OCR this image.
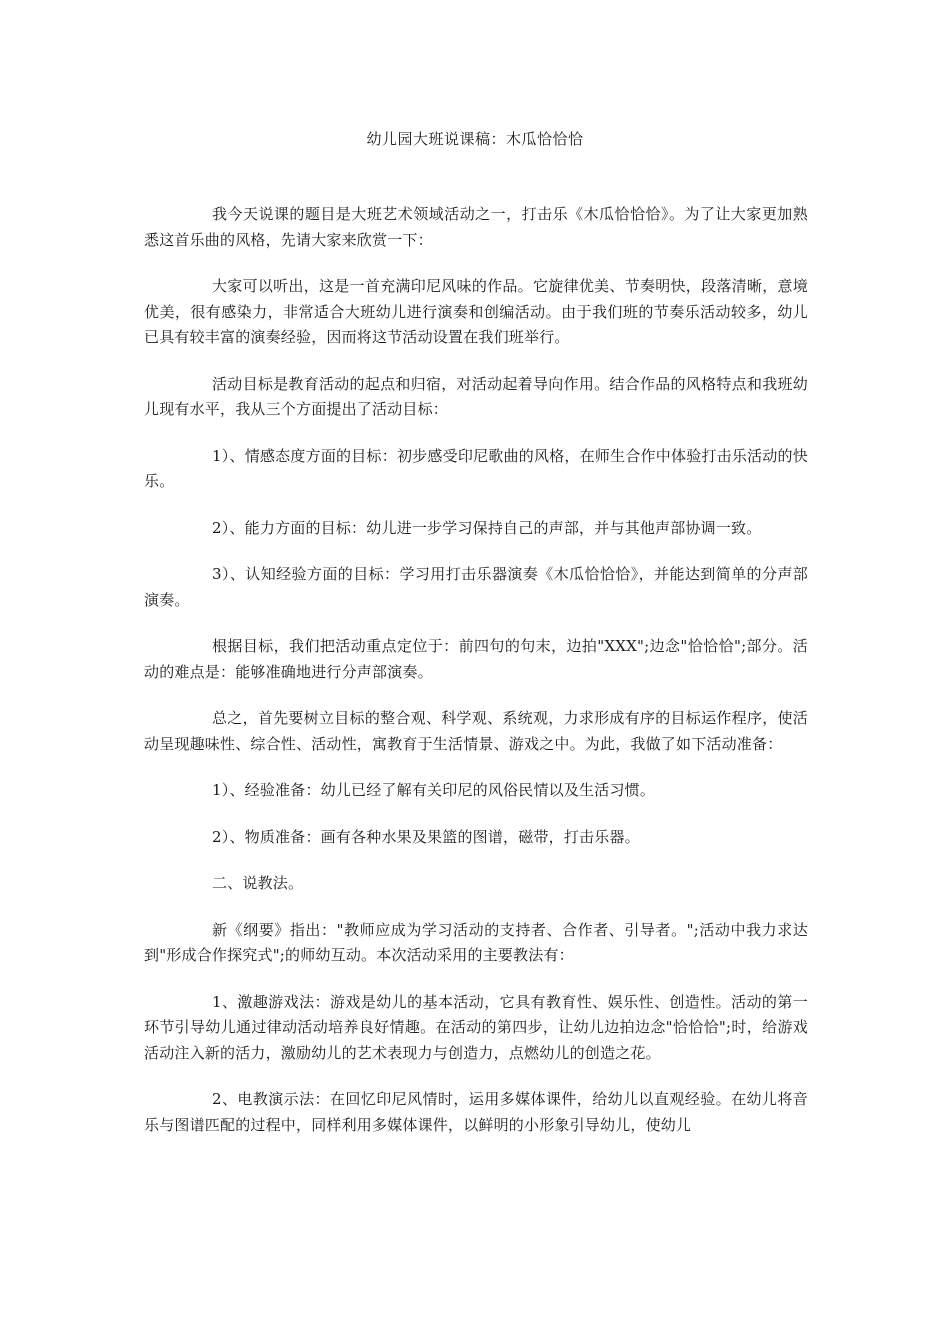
幼儿园大班说课稿：木瓜恰恰恰

我今天说课的题目是大班艺术领域活动之一，打击乐《木瓜恰恰恰》。为了让大家更加熟悉这首乐曲的风格，先请大家来欣赏一下：

大家可以听出，这是一首充满印尼风味的作品。它旋律优美、节奏明快，段落清晰，意境优美，很有感染力，非常适合大班幼儿进行演奏和创编活动。由于我们班的节奏乐活动较多，幼儿已具有较丰富的演奏经验，因而将这节活动设置在我们班举行。

活动目标是教育活动的起点和归宿，对活动起着导向作用。结合作品的风格特点和我班幼儿现有水平，我从三个方面提出了活动目标：

1）、情感态度方面的目标：初步感受印尼歌曲的风格，在师生合作中体验打击乐活动的快乐。

2）、能力方面的目标：幼儿进一步学习保持自己的声部，并与其他声部协调一致。

3）、认知经验方面的目标：学习用打击乐器演奏《木瓜恰恰恰》，并能达到简单的分声部演奏。

根据目标，我们把活动重点定位于：前四句的句末，边拍"XXX";边念"恰恰恰";部分。活动的难点是：能够准确地进行分声部演奏。

总之，首先要树立目标的整合观、科学观、系统观，力求形成有序的目标运作程序，使活动呈现趣味性、综合性、活动性，寓教育于生活情景、游戏之中。为此，我做了如下活动准备：

1）、经验准备：幼儿已经了解有关印尼的风俗民情以及生活习惯。

2）、物质准备：画有各种水果及果篮的图谱，磁带，打击乐器。

二、说教法。

新《纲要》指出："教师应成为学习活动的支持者、合作者、引导者。";活动中我力求达到"形成合作探究式";的师幼互动。本次活动采用的主要教法有：

1、激趣游戏法：游戏是幼儿的基本活动，它具有教育性、娱乐性、创造性。活动的第一环节引导幼儿通过律动活动培养良好情趣。在活动的第四步，让幼儿边拍边念"恰恰恰";时，给游戏活动注入新的活力，激励幼儿的艺术表现力与创造力，点燃幼儿的创造之花。

2、电教演示法：在回忆印尼风情时，运用多媒体课件，给幼儿以直观经验。在幼儿将音乐与图谱匹配的过程中，同样利用多媒体课件，以鲜明的小形象引导幼儿，使幼儿
